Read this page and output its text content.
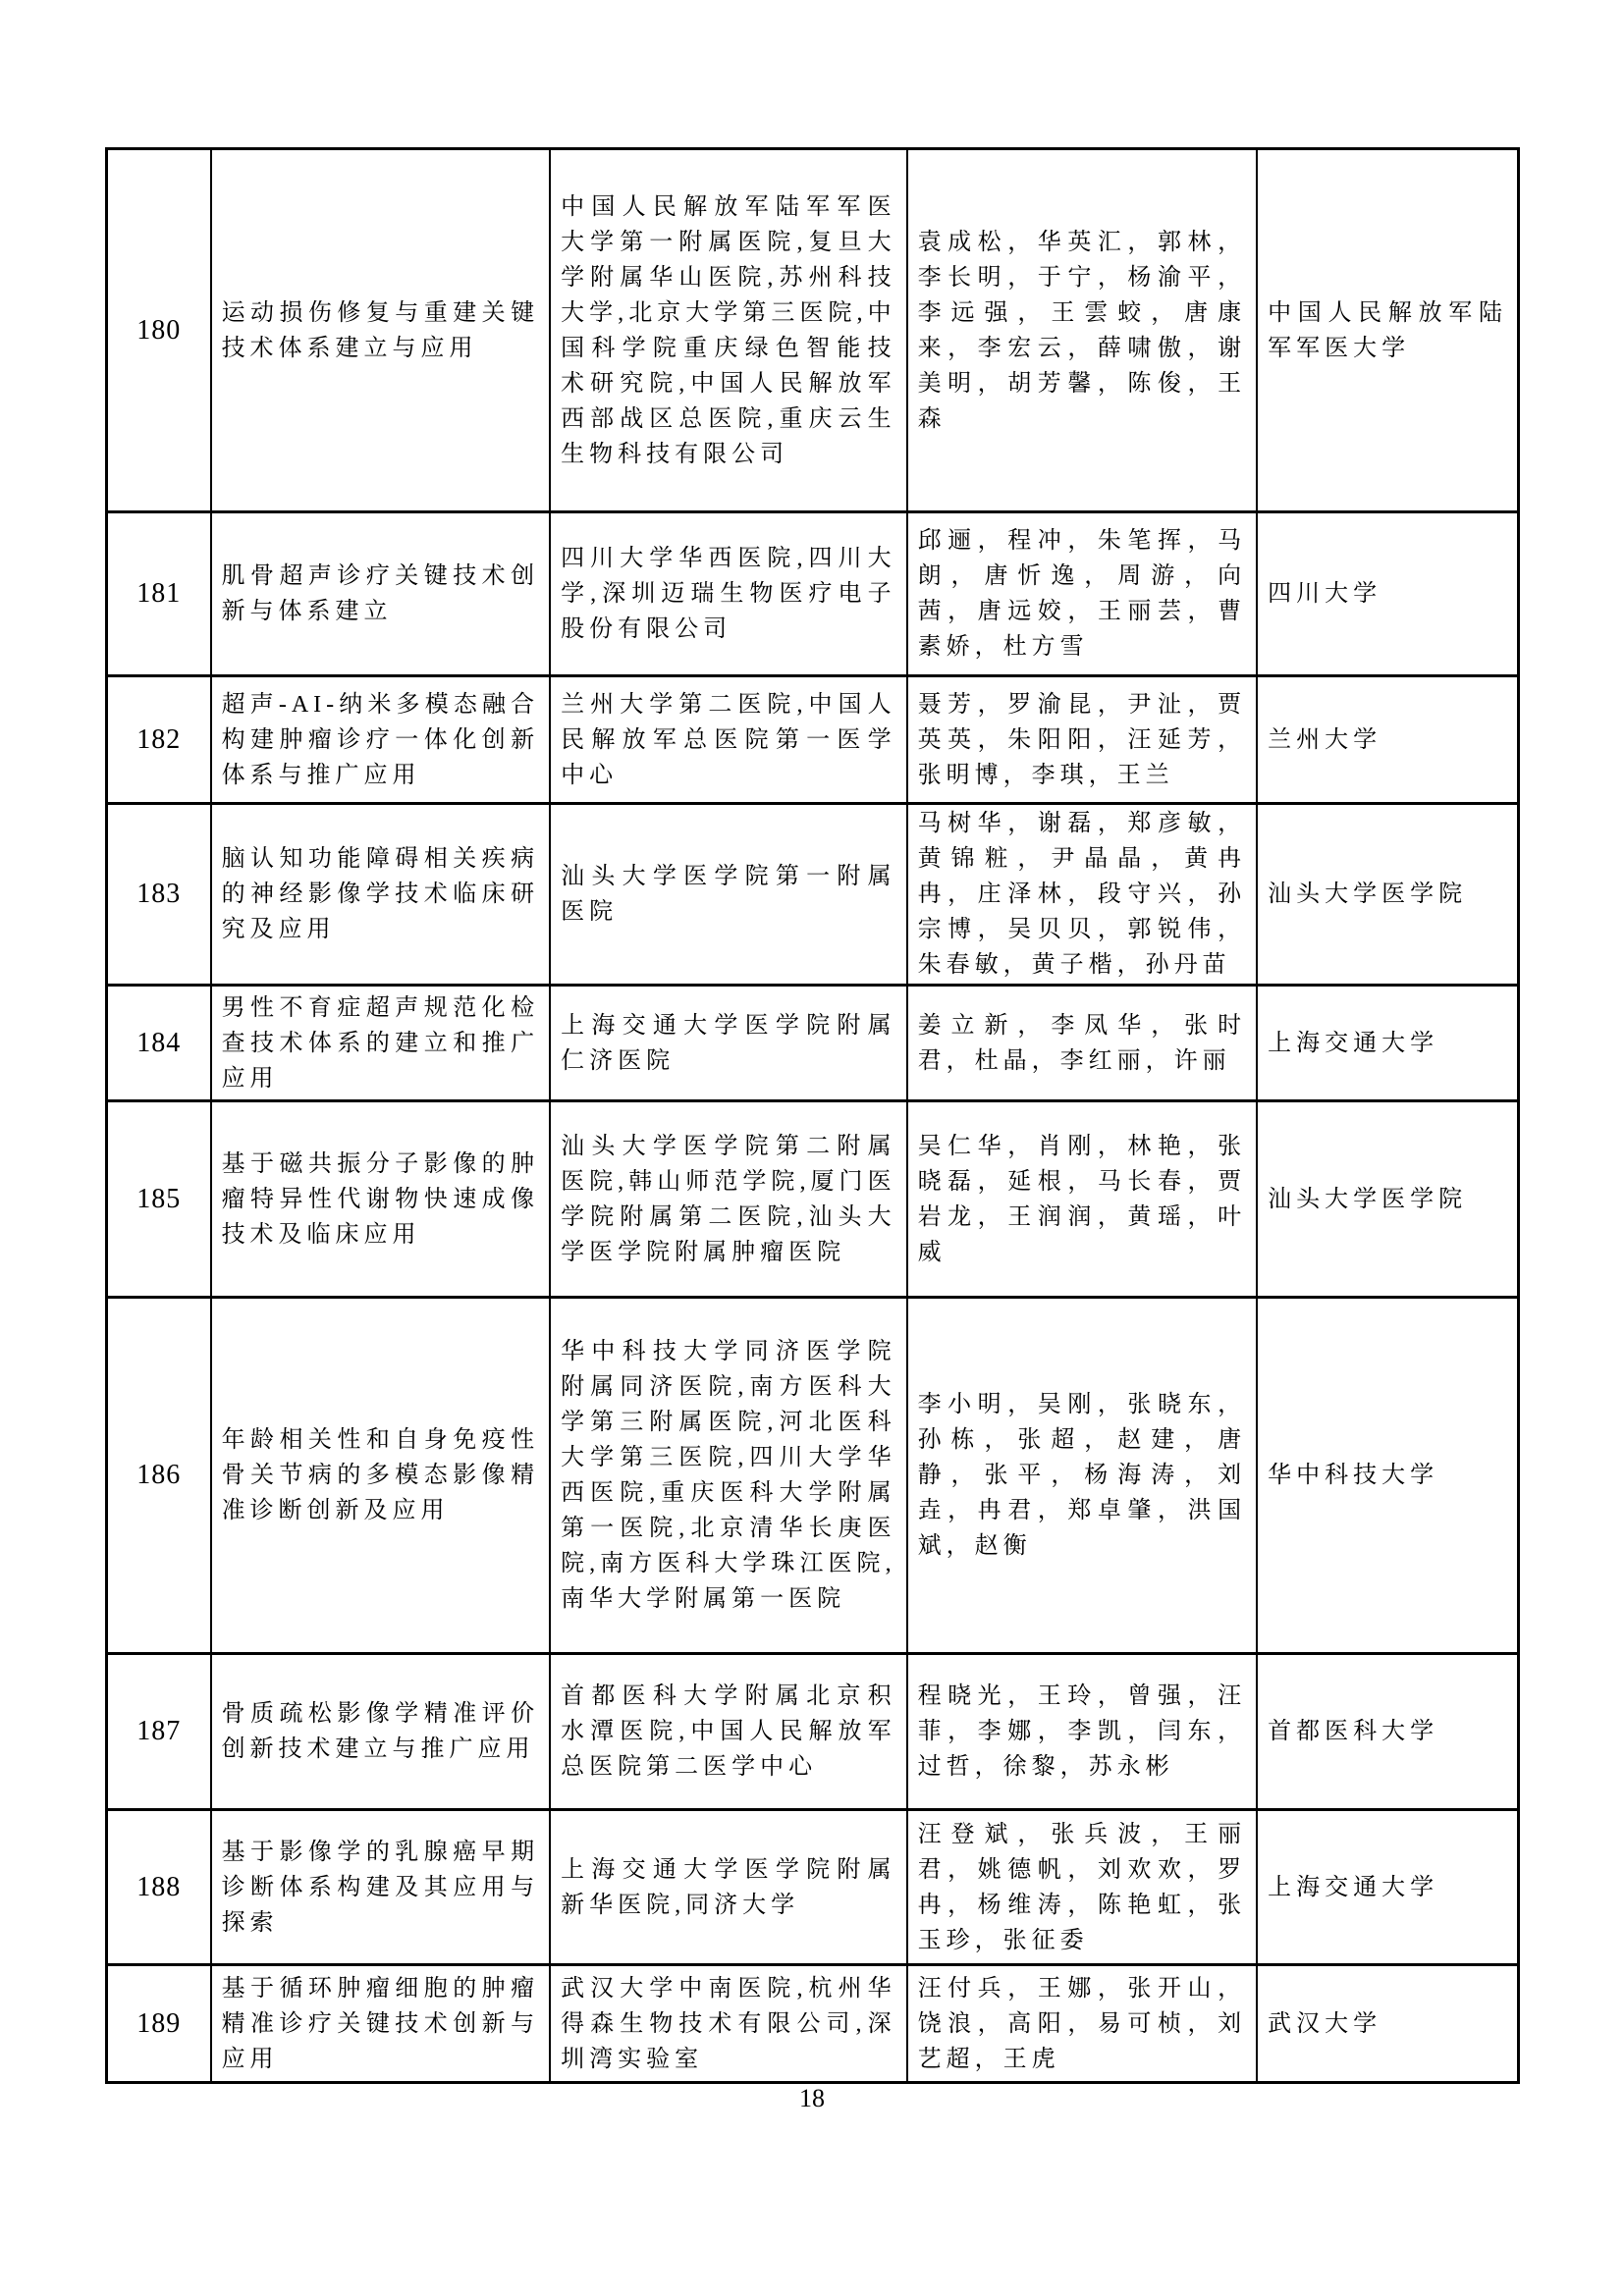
180
运动损伤修复与重建关键技术体系建立与应用
中国人民解放军陆军军医大学第一附属医院,复旦大学附属华山医院,苏州科技大学,北京大学第三医院,中国科学院重庆绿色智能技术研究院,中国人民解放军西部战区总医院,重庆云生生物科技有限公司
袁成松，华英汇，郭林，李长明，于宁，杨渝平，李远强，王雲蛟，唐康来，李宏云，薛啸傲，谢美明，胡芳馨，陈俊，王森
中国人民解放军陆军军医大学
181
肌骨超声诊疗关键技术创新与体系建立
四川大学华西医院,四川大学,深圳迈瑞生物医疗电子股份有限公司
邱逦，程冲，朱笔挥，马朗，唐忻逸，周游，向茜，唐远姣，王丽芸，曹素娇，杜方雪
四川大学
182
超声-AI-纳米多模态融合构建肿瘤诊疗一体化创新体系与推广应用
兰州大学第二医院,中国人民解放军总医院第一医学中心
聂芳，罗渝昆，尹沚，贾英英，朱阳阳，汪延芳，张明博，李琪，王兰
兰州大学
183
脑认知功能障碍相关疾病的神经影像学技术临床研究及应用
汕头大学医学院第一附属医院
马树华，谢磊，郑彦敏，黄锦粧，尹晶晶，黄冉冉，庄泽林，段守兴，孙宗博，吴贝贝，郭锐伟，朱春敏，黄子楷，孙丹苗
汕头大学医学院
184
男性不育症超声规范化检查技术体系的建立和推广应用
上海交通大学医学院附属仁济医院
姜立新，李凤华，张时君，杜晶，李红丽，许丽
上海交通大学
185
基于磁共振分子影像的肿瘤特异性代谢物快速成像技术及临床应用
汕头大学医学院第二附属医院,韩山师范学院,厦门医学院附属第二医院,汕头大学医学院附属肿瘤医院
吴仁华，肖刚，林艳，张晓磊，延根，马长春，贾岩龙，王润润，黄瑶，叶威
汕头大学医学院
186
年龄相关性和自身免疫性骨关节病的多模态影像精准诊断创新及应用
华中科技大学同济医学院附属同济医院,南方医科大学第三附属医院,河北医科大学第三医院,四川大学华西医院,重庆医科大学附属第一医院,北京清华长庚医院,南方医科大学珠江医院,南华大学附属第一医院
李小明，吴刚，张晓东，孙栋，张超，赵建，唐静，张平，杨海涛，刘垚，冉君，郑卓肇，洪国斌，赵衡
华中科技大学
187
骨质疏松影像学精准评价创新技术建立与推广应用
首都医科大学附属北京积水潭医院,中国人民解放军总医院第二医学中心
程晓光，王玲，曾强，汪菲，李娜，李凯，闫东，过哲，徐黎，苏永彬
首都医科大学
188
基于影像学的乳腺癌早期诊断体系构建及其应用与探索
上海交通大学医学院附属新华医院,同济大学
汪登斌，张兵波，王丽君，姚德帆，刘欢欢，罗冉，杨维涛，陈艳虹，张玉珍，张征委
上海交通大学
189
基于循环肿瘤细胞的肿瘤精准诊疗关键技术创新与应用
武汉大学中南医院,杭州华得森生物技术有限公司,深圳湾实验室
汪付兵，王娜，张开山，饶浪，高阳，易可桢，刘艺超，王虎
武汉大学
18
